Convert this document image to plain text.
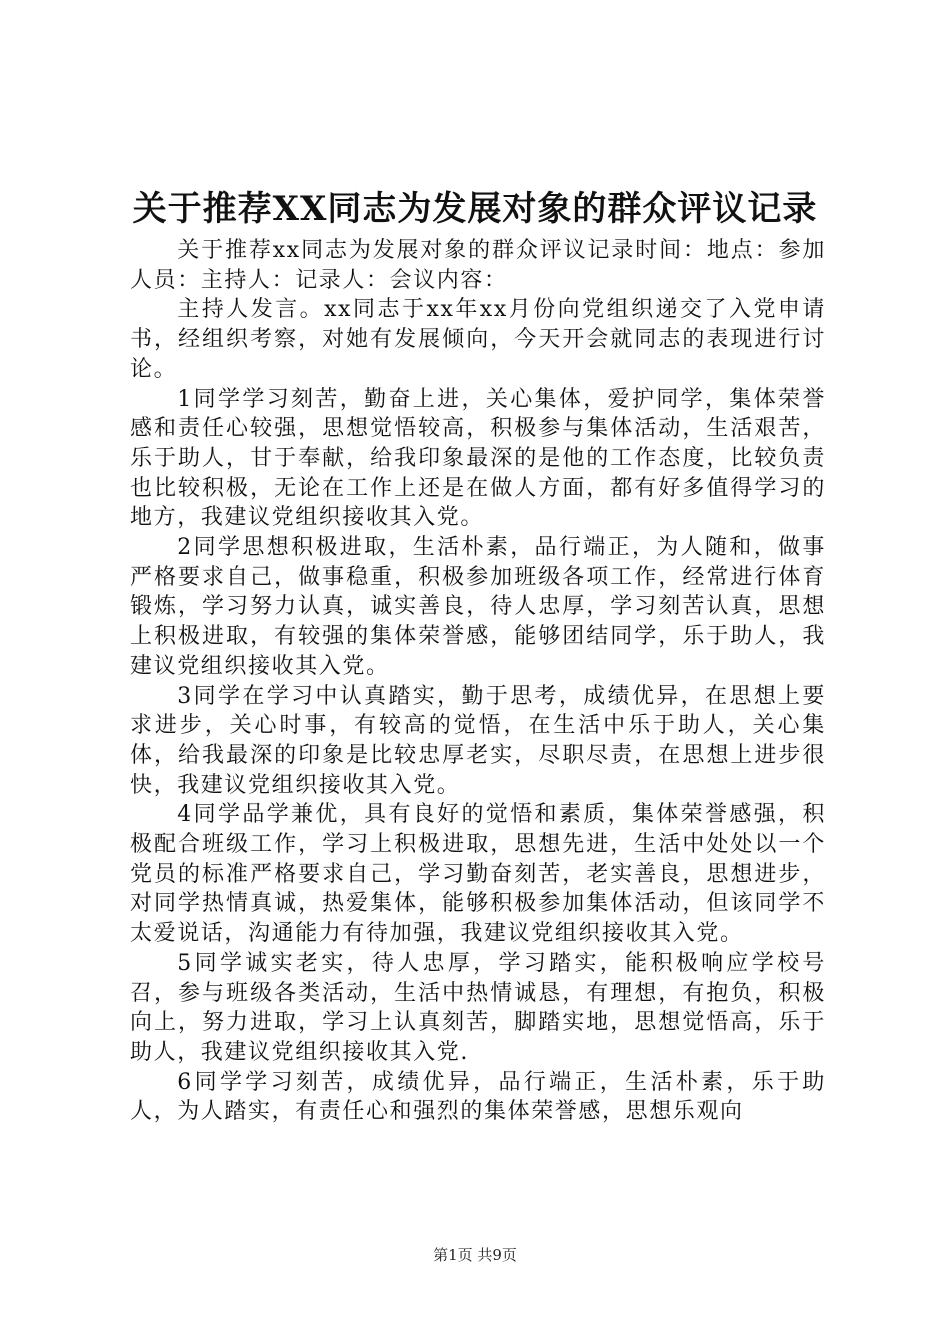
关于推荐XX同志为发展对象的群众评议记录

关于推荐xx同志为发展对象的群众评议记录时间：地点：参加人员：主持人：记录人：会议内容：

主持人发言。xx同志于xx年xx月份向党组织递交了入党申请书，经组织考察，对她有发展倾向，今天开会就同志的表现进行讨论。

1同学学习刻苦，勤奋上进，关心集体，爱护同学，集体荣誉感和责任心较强，思想觉悟较高，积极参与集体活动，生活艰苦，乐于助人，甘于奉献，给我印象最深的是他的工作态度，比较负责也比较积极，无论在工作上还是在做人方面，都有好多值得学习的地方，我建议党组织接收其入党。

2同学思想积极进取，生活朴素，品行端正，为人随和，做事严格要求自己，做事稳重，积极参加班级各项工作，经常进行体育锻炼，学习努力认真，诚实善良，待人忠厚，学习刻苦认真，思想上积极进取，有较强的集体荣誉感，能够团结同学，乐于助人，我建议党组织接收其入党。

3同学在学习中认真踏实，勤于思考，成绩优异，在思想上要求进步，关心时事，有较高的觉悟，在生活中乐于助人，关心集体，给我最深的印象是比较忠厚老实，尽职尽责，在思想上进步很快，我建议党组织接收其入党。

4同学品学兼优，具有良好的觉悟和素质，集体荣誉感强，积极配合班级工作，学习上积极进取，思想先进，生活中处处以一个党员的标准严格要求自己，学习勤奋刻苦，老实善良，思想进步，对同学热情真诚，热爱集体，能够积极参加集体活动，但该同学不太爱说话，沟通能力有待加强，我建议党组织接收其入党。

5同学诚实老实，待人忠厚，学习踏实，能积极响应学校号召，参与班级各类活动，生活中热情诚恳，有理想，有抱负，积极向上，努力进取，学习上认真刻苦，脚踏实地，思想觉悟高，乐于助人，我建议党组织接收其入党.

6同学学习刻苦，成绩优异，品行端正，生活朴素，乐于助人，为人踏实，有责任心和强烈的集体荣誉感，思想乐观向

第1页 共9页
